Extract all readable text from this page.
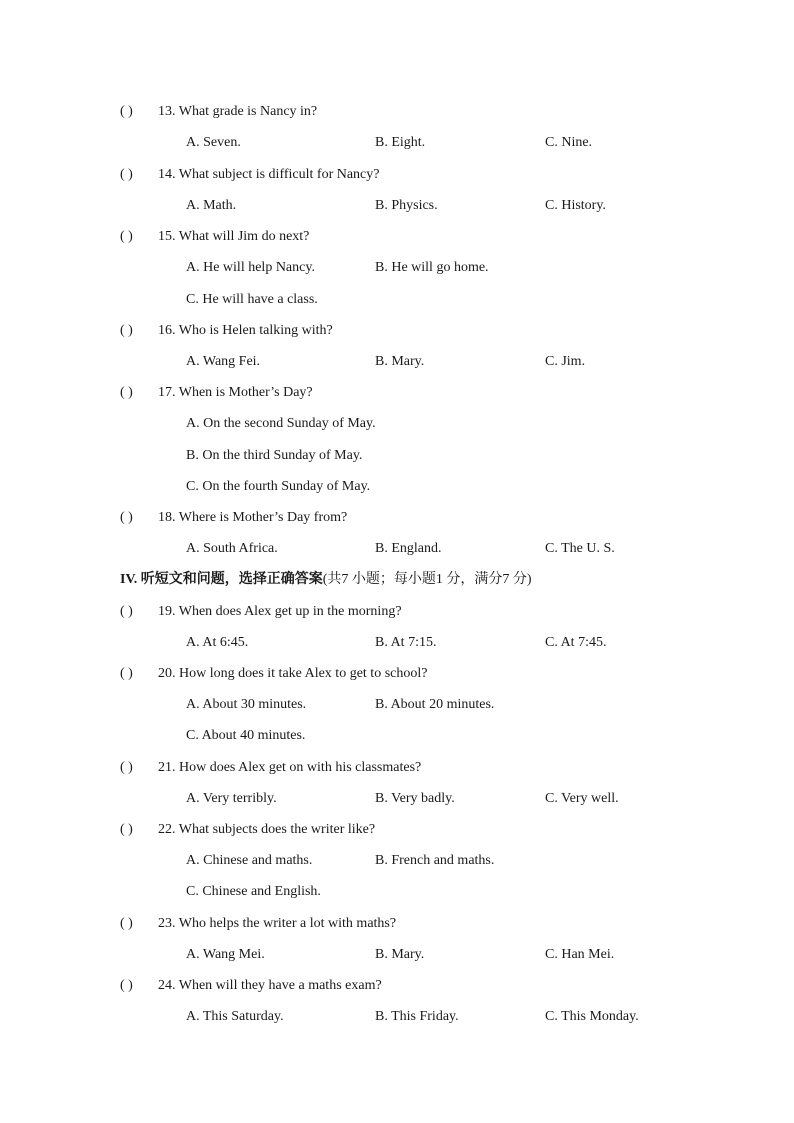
( ) 13. What grade is Nancy in?
A. Seven.	B. Eight.	C. Nine.
( ) 14. What subject is difficult for Nancy?
A. Math.	B. Physics.	C. History.
( ) 15. What will Jim do next?
A. He will help Nancy.	B. He will go home.
C. He will have a class.
( ) 16. Who is Helen talking with?
A. Wang Fei.	B. Mary.	C. Jim.
( ) 17. When is Mother’s Day?
A. On the second Sunday of May.
B. On the third Sunday of May.
C. On the fourth Sunday of May.
( ) 18. Where is Mother’s Day from?
A. South Africa.	B. England.	C. The U. S.
IV. 听短文和问题，选择正确答案(共7 小题；每小题1 分，满分7 分)
( ) 19. When does Alex get up in the morning?
A. At 6:45.	B. At 7:15.	C. At 7:45.
( ) 20. How long does it take Alex to get to school?
A. About 30 minutes.	B. About 20 minutes.
C. About 40 minutes.
( ) 21. How does Alex get on with his classmates?
A. Very terribly.	B. Very badly.	C. Very well.
( ) 22. What subjects does the writer like?
A. Chinese and maths.	B. French and maths.
C. Chinese and English.
( ) 23. Who helps the writer a lot with maths?
A. Wang Mei.	B. Mary.	C. Han Mei.
( ) 24. When will they have a maths exam?
A. This Saturday.	B. This Friday.	C. This Monday.
